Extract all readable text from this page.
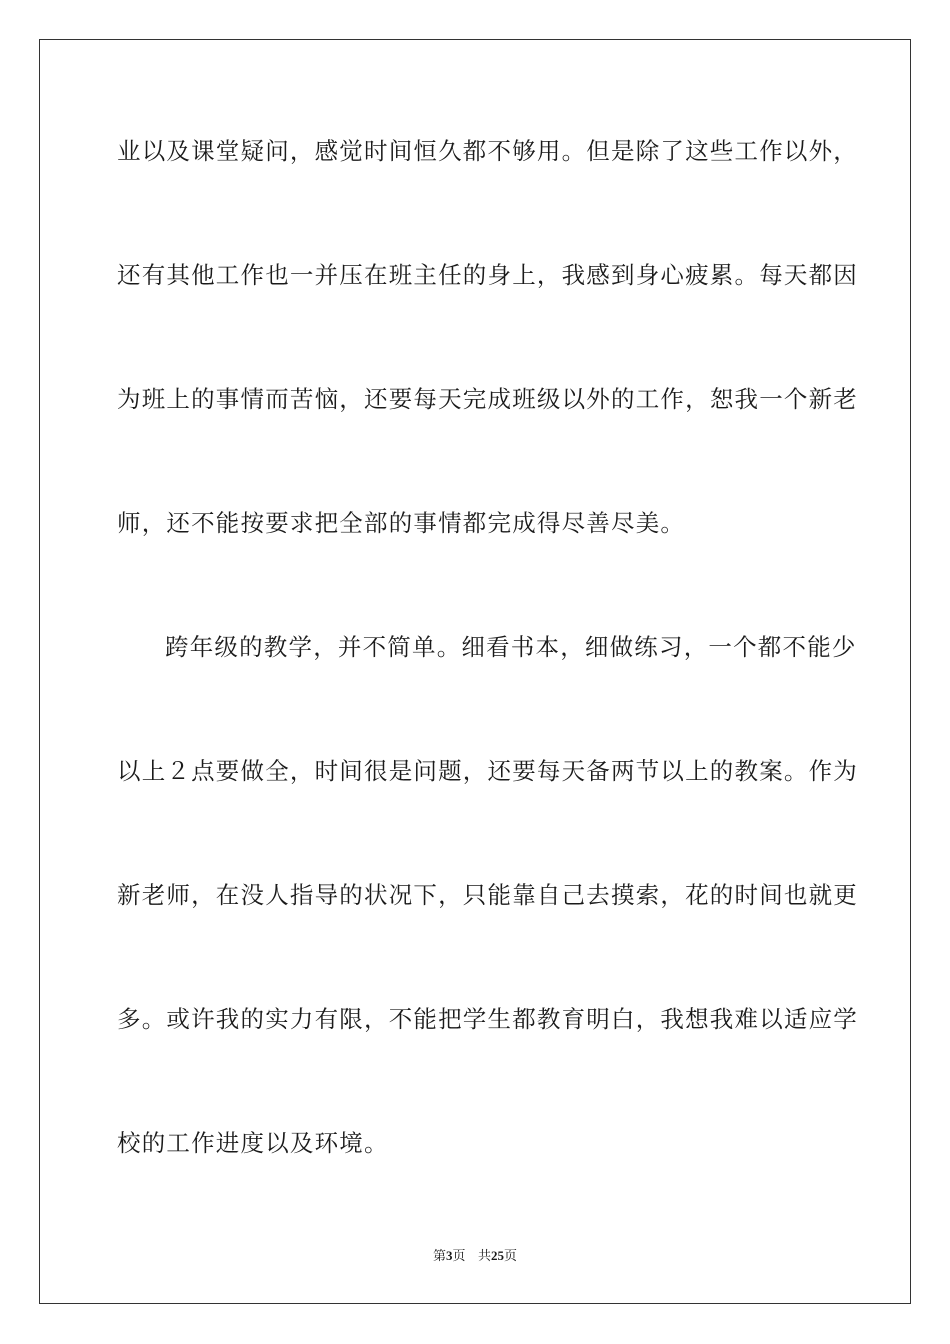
业以及课堂疑问，感觉时间恒久都不够用。但是除了这些工作以外，
还有其他工作也一并压在班主任的身上，我感到身心疲累。每天都因
为班上的事情而苦恼，还要每天完成班级以外的工作，恕我一个新老
师，还不能按要求把全部的事情都完成得尽善尽美。
跨年级的教学，并不简单。细看书本，细做练习，一个都不能少
以上２点要做全，时间很是问题，还要每天备两节以上的教案。作为
新老师，在没人指导的状况下，只能靠自己去摸索，花的时间也就更
多。或许我的实力有限，不能把学生都教育明白，我想我难以适应学
校的工作进度以及环境。
第3页 共25页
